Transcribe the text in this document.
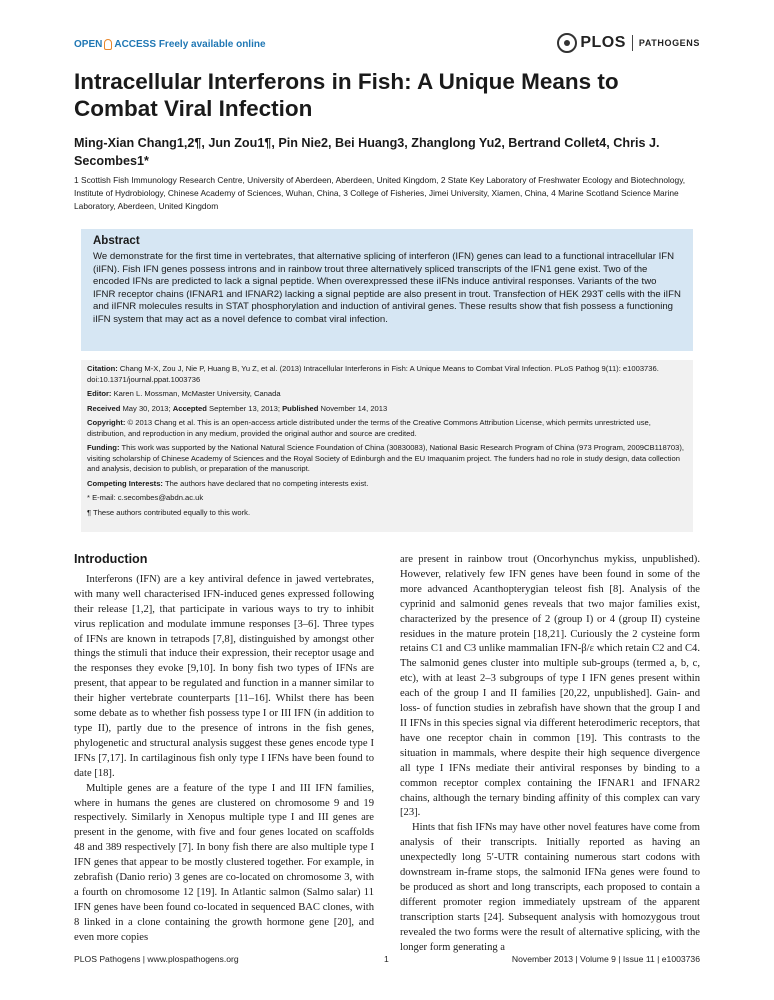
OPEN ACCESS
Freely available online	PLOS PATHOGENS
Intracellular Interferons in Fish: A Unique Means to Combat Viral Infection
Ming-Xian Chang1,2¶, Jun Zou1¶, Pin Nie2, Bei Huang3, Zhanglong Yu2, Bertrand Collet4, Chris J. Secombes1*
1 Scottish Fish Immunology Research Centre, University of Aberdeen, Aberdeen, United Kingdom, 2 State Key Laboratory of Freshwater Ecology and Biotechnology, Institute of Hydrobiology, Chinese Academy of Sciences, Wuhan, China, 3 College of Fisheries, Jimei University, Xiamen, China, 4 Marine Scotland Science Marine Laboratory, Aberdeen, United Kingdom
Abstract

We demonstrate for the first time in vertebrates, that alternative splicing of interferon (IFN) genes can lead to a functional intracellular IFN (iIFN). Fish IFN genes possess introns and in rainbow trout three alternatively spliced transcripts of the IFN1 gene exist. Two of the encoded IFNs are predicted to lack a signal peptide. When overexpressed these iIFNs induce antiviral responses. Variants of the two IFNR receptor chains (IFNAR1 and IFNAR2) lacking a signal peptide are also present in trout. Transfection of HEK 293T cells with the iIFN and iIFNR molecules results in STAT phosphorylation and induction of antiviral genes. These results show that fish possess a functioning iIFN system that may act as a novel defence to combat viral infection.

Citation: Chang M-X, Zou J, Nie P, Huang B, Yu Z, et al. (2013) Intracellular Interferons in Fish: A Unique Means to Combat Viral Infection. PLoS Pathog 9(11): e1003736. doi:10.1371/journal.ppat.1003736
Editor: Karen L. Mossman, McMaster University, Canada
Received May 30, 2013; Accepted September 13, 2013; Published November 14, 2013
Copyright: © 2013 Chang et al. This is an open-access article distributed under the terms of the Creative Commons Attribution License, which permits unrestricted use, distribution, and reproduction in any medium, provided the original author and source are credited.
Funding: This work was supported by the National Natural Science Foundation of China (30830083), National Basic Research Program of China (973 Program, 2009CB118703), visiting scholarship of Chinese Academy of Sciences and the Royal Society of Edinburgh and the EU Imaquanim project. The funders had no role in study design, data collection and analysis, decision to publish, or preparation of the manuscript.
Competing Interests: The authors have declared that no competing interests exist.
* E-mail: c.secombes@abdn.ac.uk
¶ These authors contributed equally to this work.
Introduction

Interferons (IFN) are a key antiviral defence in jawed vertebrates, with many well characterised IFN-induced genes expressed following their release [1,2], that participate in various ways to try to inhibit virus replication and modulate immune responses [3–6]. Three types of IFNs are known in tetrapods [7,8], distinguished by amongst other things the stimuli that induce their expression, their receptor usage and the responses they evoke [9,10]. In bony fish two types of IFNs are present, that appear to be regulated and function in a manner similar to their higher vertebrate counterparts [11–16]. Whilst there has been some debate as to whether fish possess type I or III IFN (in addition to type II), partly due to the presence of introns in the fish genes, phylogenetic and structural analysis suggest these genes encode type I IFNs [7,17]. In cartilaginous fish only type I IFNs have been found to date [18].

Multiple genes are a feature of the type I and III IFN families, where in humans the genes are clustered on chromosome 9 and 19 respectively. Similarly in Xenopus multiple type I and III genes are present in the genome, with five and four genes located on scaffolds 48 and 389 respectively [7]. In bony fish there are also multiple type I IFN genes that appear to be mostly clustered together. For example, in zebrafish (Danio rerio) 3 genes are co-located on chromosome 3, with a fourth on chromosome 12 [19]. In Atlantic salmon (Salmo salar) 11 IFN genes have been found co-located in sequenced BAC clones, with 8 linked in a clone containing the growth hormone gene [20], and even more copies

are present in rainbow trout (Oncorhynchus mykiss, unpublished). However, relatively few IFN genes have been found in some of the more advanced Acanthopterygian teleost fish [8]. Analysis of the cyprinid and salmonid genes reveals that two major families exist, characterized by the presence of 2 (group I) or 4 (group II) cysteine residues in the mature protein [18,21]. Curiously the 2 cysteine form retains C1 and C3 unlike mammalian IFN-β/ε which retain C2 and C4. The salmonid genes cluster into multiple sub-groups (termed a, b, c, etc), with at least 2–3 subgroups of type I IFN genes present within each of the group I and II families [20,22, unpublished]. Gain- and loss- of function studies in zebrafish have shown that the group I and II IFNs in this species signal via different heterodimeric receptors, that have one receptor chain in common [19]. This contrasts to the situation in mammals, where despite their high sequence divergence all type I IFNs mediate their antiviral responses by binding to a common receptor complex containing the IFNAR1 and IFNAR2 chains, although the ternary binding affinity of this complex can vary [23].

Hints that fish IFNs may have other novel features have come from analysis of their transcripts. Initially reported as having an unexpectedly long 5′-UTR containing numerous start codons with downstream in-frame stops, the salmonid IFNa genes were found to be produced as short and long transcripts, each proposed to contain a different promoter region immediately upstream of the apparent transcription starts [24]. Subsequent analysis with homozygous trout revealed the two forms were the result of alternative splicing, with the longer form generating a

PLOS Pathogens | www.plospathogens.org	1	November 2013 | Volume 9 | Issue 11 | e1003736
